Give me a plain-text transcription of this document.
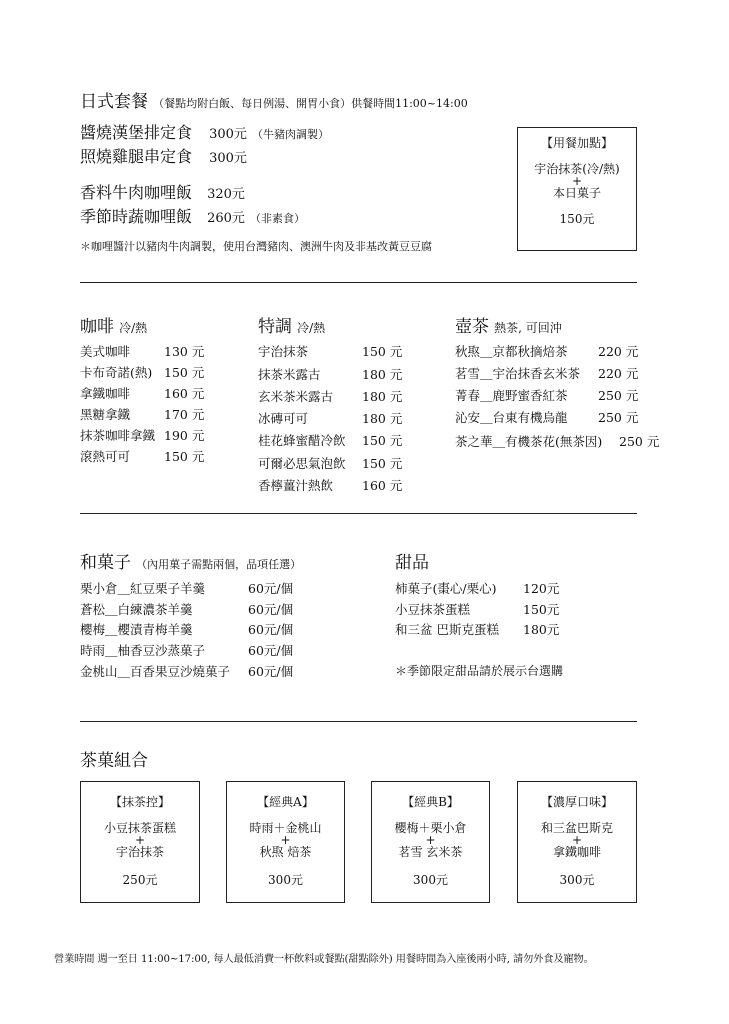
日式套餐 （餐點均附白飯、每日例湯、開胃小食）供餐時間11:00~14:00
醬燒漢堡排定食 300元 （牛豬肉調製）
照燒雞腿串定食 300元
香料牛肉咖哩飯 320元
季節時蔬咖哩飯 260元 （非素食）
＊咖哩醬汁以豬肉牛肉調製，使用台灣豬肉、澳洲牛肉及非基改黃豆豆腐
【用餐加點】
宇治抹茶(冷/熱)
+
本日菓子
150元
咖啡 冷/熱
美式咖啡	130 元
卡布奇諾(熱) 150 元
拿鐵咖啡	160 元
黑糖拿鐵	170 元
抹茶咖啡拿鐵 190 元
滾熱可可	150 元
特調 冷/熱
宇治抹茶	150 元
抹茶米露古	180 元
玄米茶米露古 180 元
冰磚可可	180 元
桂花蜂蜜醋冷飲 150 元
可爾必思氣泡飲 150 元
香檸薑汁熱飲 160 元
壺茶 熱茶, 可回沖
秋焣＿京都秋摘焙茶 220 元
茗雪＿宇治抹香玄米茶 220 元
菁春＿鹿野蜜香紅茶 250 元
沁安＿台東有機烏龍 250 元
茶之華＿有機茶花(無茶因) 250 元
和菓子 （內用菓子需點兩個，品項任選）
栗小倉＿紅豆栗子羊羹	60元/個
蒼松＿白練濃茶羊羹	60元/個
櫻梅＿櫻漬青梅羊羹	60元/個
時雨＿柚香豆沙蒸菓子	60元/個
金桃山＿百香果豆沙燒菓子 60元/個
甜品
柿菓子(棗心/栗心) 120元
小豆抹茶蛋糕	150元
和三盆 巴斯克蛋糕 180元
＊季節限定甜品請於展示台選購
茶菓組合
【抹茶控】
小豆抹茶蛋糕
+
宇治抹茶
250元
【經典A】
時雨＋金桃山
+
秋焣 焙茶
300元
【經典B】
櫻梅＋栗小倉
+
茗雪 玄米茶
300元
【濃厚口味】
和三盆巴斯克
+
拿鐵咖啡
300元
營業時間 週一至日 11:00~17:00, 每人最低消費一杯飲料或餐點(甜點除外) 用餐時間為入座後兩小時, 請勿外食及寵物。
